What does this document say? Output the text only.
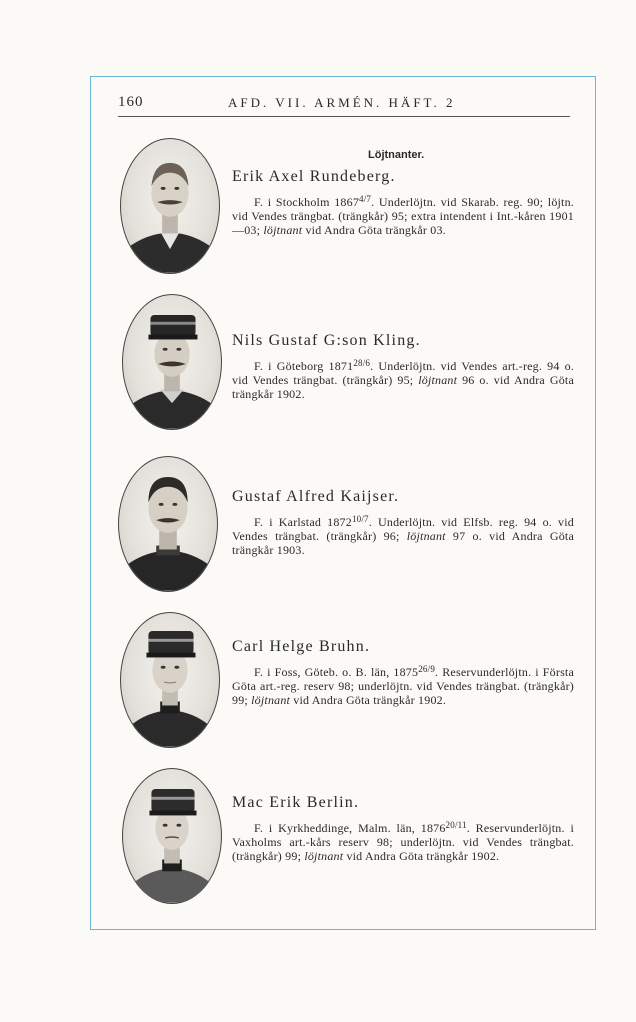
160	AFD. VII. ARMÉN. HÄFT. 2
Löjtnanter.
Erik Axel Rundeberg.

F. i Stockholm $1867^{4/7}$. Underlöjtn. vid Skarab. reg. 90; löjtn. vid Vendes trängbat. (trängkår) 95; extra intendent i Int.-kåren 1901—03; löjtnant vid Andra Göta trängkår 03.

Nils Gustaf G:son Kling.

F. i Göteborg $1871^{28/6}$. Underlöjtn. vid Vendes art.-reg. 94 o. vid Vendes trängbat. (trängkår) 95; löjtnant 96 o. vid Andra Göta trängkår 1902.

Gustaf Alfred Kaijser.

F. i Karlstad $1872^{10/7}$. Underlöjtn. vid Elfsb. reg. 94 o. vid Vendes trängbat. (trängkår) 96; löjtnant 97 o. vid Andra Göta trängkår 1903.

Carl Helge Bruhn.

F. i Foss, Göteb. o. B. län, $1875^{26/9}$. Reservunderlöjtn. i Första Göta art.-reg. reserv 98; underlöjtn. vid Vendes trängbat. (trängkår) 99; löjtnant vid Andra Göta trängkår 1902.

Mac Erik Berlin.

F. i Kyrkheddinge, Malm. län, $1876^{20/11}$. Reservunderlöjtn. i Vaxholms art.-kårs reserv 98; underlöjtn. vid Vendes trängbat. (trängkår) 99; löjtnant vid Andra Göta trängkår 1902.
